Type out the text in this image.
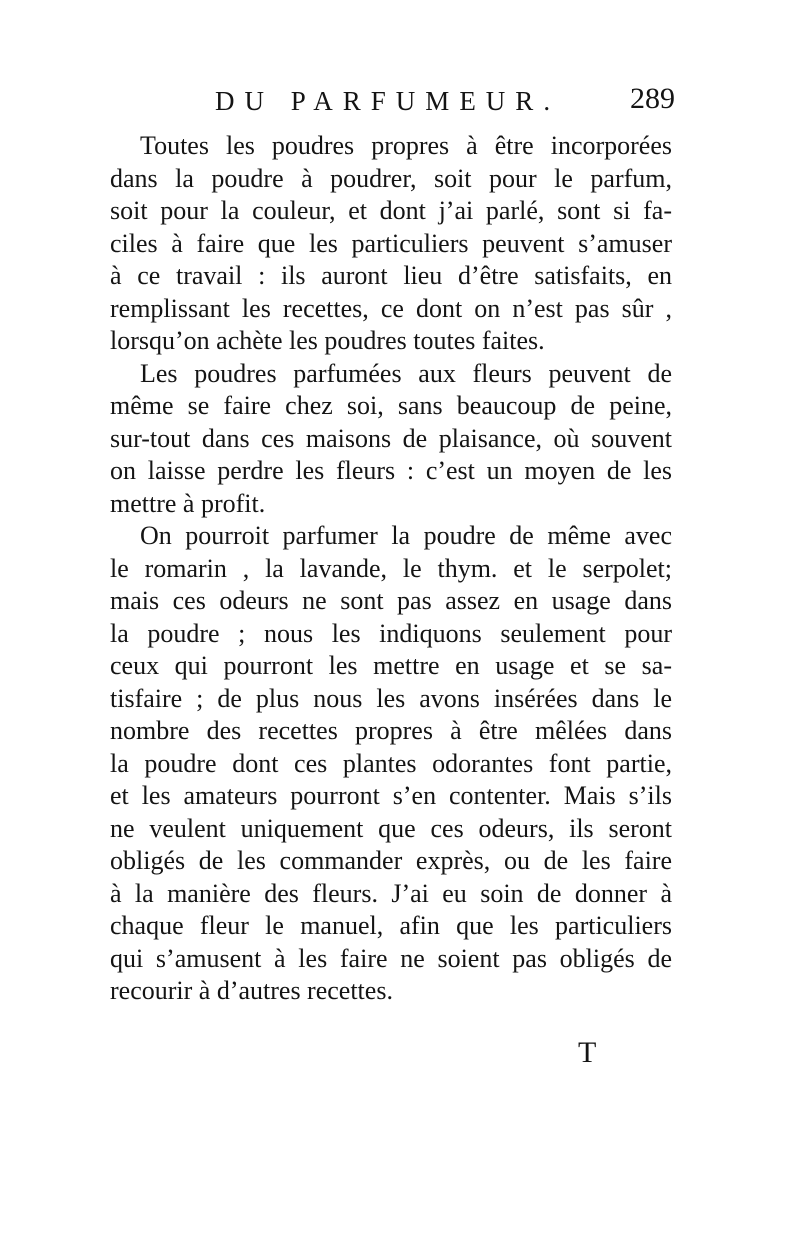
DU PARFUMEUR. 289
Toutes les poudres propres à être incorporées
dans la poudre à poudrer, soit pour le parfum,
soit pour la couleur, et dont j’ai parlé, sont si fa-
ciles à faire que les particuliers peuvent s’amuser
à ce travail : ils auront lieu d’être satisfaits, en
remplissant les recettes, ce dont on n’est pas sûr ,
lorsqu’on achète les poudres toutes faites.
Les poudres parfumées aux fleurs peuvent de
même se faire chez soi, sans beaucoup de peine,
sur-tout dans ces maisons de plaisance, où souvent
on laisse perdre les fleurs : c’est un moyen de les
mettre à profit.
On pourroit parfumer la poudre de même avec
le romarin , la lavande, le thym. et le serpolet;
mais ces odeurs ne sont pas assez en usage dans
la poudre ; nous les indiquons seulement pour
ceux qui pourront les mettre en usage et se sa-
tisfaire ; de plus nous les avons insérées dans le
nombre des recettes propres à être mêlées dans
la poudre dont ces plantes odorantes font partie,
et les amateurs pourront s’en contenter. Mais s’ils
ne veulent uniquement que ces odeurs, ils seront
obligés de les commander exprès, ou de les faire
à la manière des fleurs. J’ai eu soin de donner à
chaque fleur le manuel, afin que les particuliers
qui s’amusent à les faire ne soient pas obligés de
recourir à d’autres recettes.
T
